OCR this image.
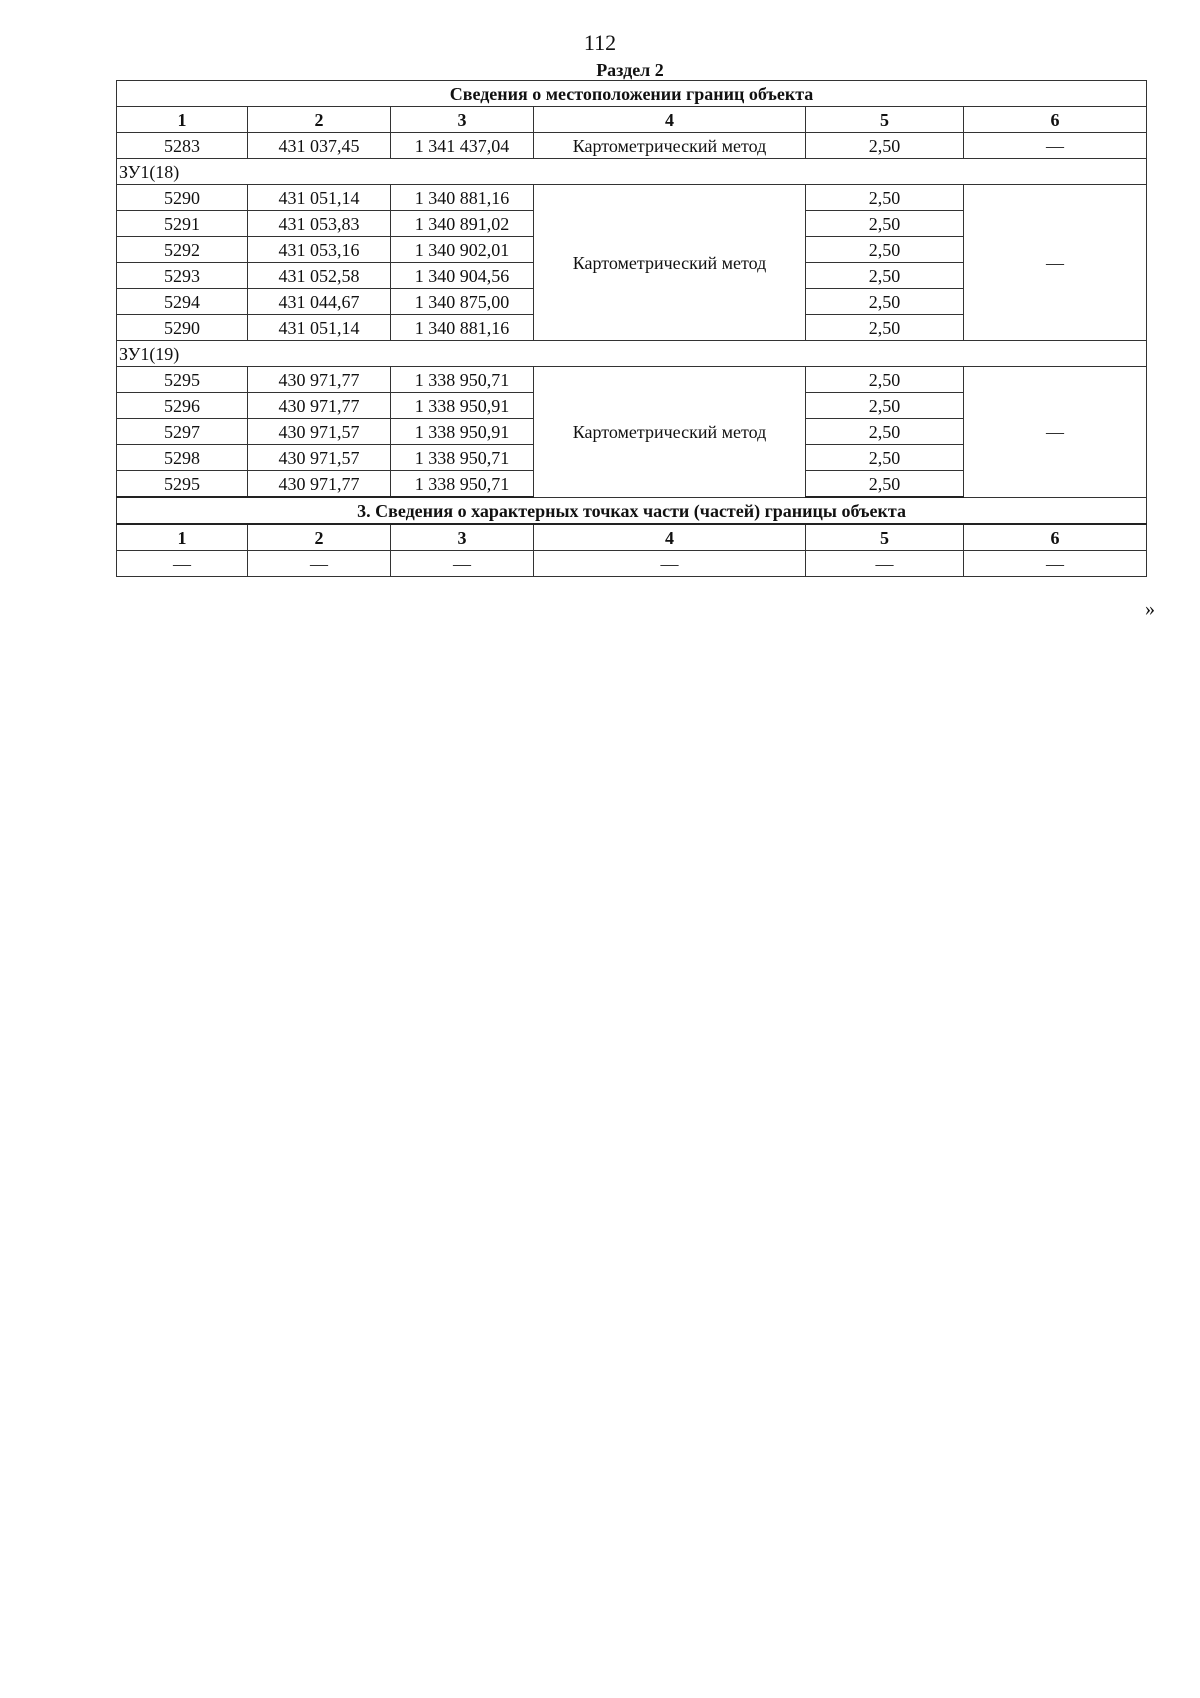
112
Раздел 2
Сведения о местоположении границ объекта					
1	2	3	4	5	6
5283	431 037,45	1 341 437,04	Картометрический метод	2,50	—
ЗУ1(18)					
5290	431 051,14	1 340 881,16	Картометрический метод	2,50	—
5291	431 053,83	1 340 891,02		2,50	
5292	431 053,16	1 340 902,01		2,50	
5293	431 052,58	1 340 904,56		2,50	
5294	431 044,67	1 340 875,00		2,50	
5290	431 051,14	1 340 881,16		2,50	
ЗУ1(19)					
5295	430 971,77	1 338 950,71	Картометрический метод	2,50	—
5296	430 971,77	1 338 950,91		2,50	
5297	430 971,57	1 338 950,91		2,50	
5298	430 971,57	1 338 950,71		2,50	
5295	430 971,77	1 338 950,71		2,50	
3. Сведения о характерных точках части (частей) границы объекта					
1	2	3	4	5	6
—	—	—	—	—	—
»
